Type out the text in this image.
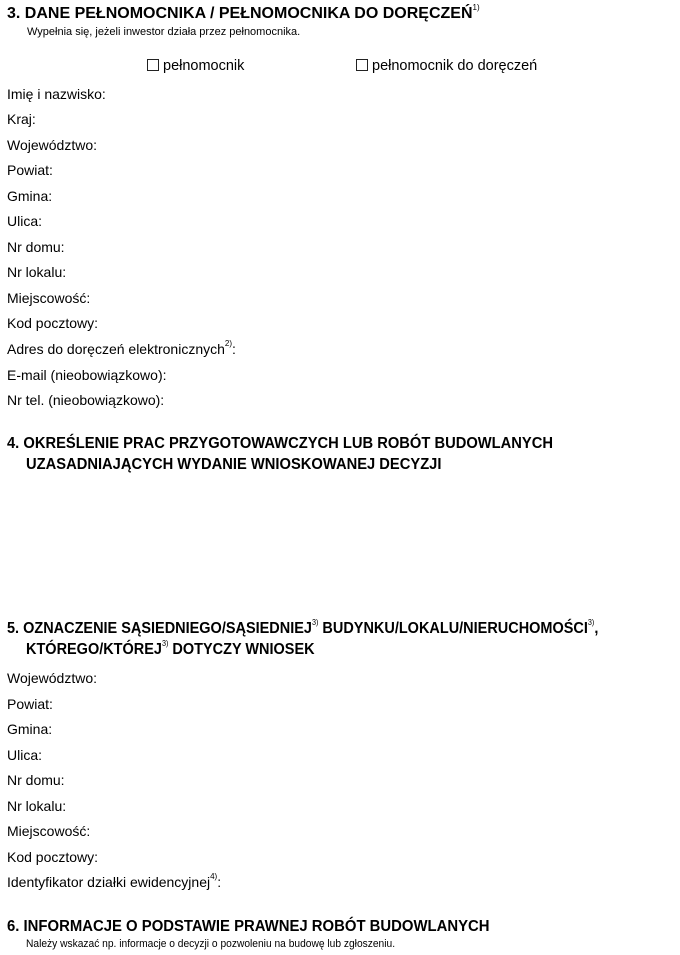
3. DANE PEŁNOMOCNIKA / PEŁNOMOCNIKA DO DORĘCZEŃ$^{1)}$
Wypełnia się, jeżeli inwestor działa przez pełnomocnika.
pełnomocnik	pełnomocnik do doręczeń
Imię i nazwisko:
Kraj:
Województwo:
Powiat:
Gmina:
Ulica:
Nr domu:
Nr lokalu:
Miejscowość:
Kod pocztowy:
Adres do doręczeń elektronicznych$^{2)}$:
E-mail (nieobowiązkowo):
Nr tel. (nieobowiązkowo):
4. OKREŚLENIE PRAC PRZYGOTOWAWCZYCH LUB ROBÓT BUDOWLANYCH
UZASADNIAJĄCYCH WYDANIE WNIOSKOWANEJ DECYZJI
5. OZNACZENIE SĄSIEDNIEGO/SĄSIEDNIEJ$^{3)}$ BUDYNKU/LOKALU/NIERUCHOMOŚCI$^{3)}$,
KTÓREGO/KTÓREJ$^{3)}$ DOTYCZY WNIOSEK
Województwo:
Powiat:
Gmina:
Ulica:
Nr domu:
Nr lokalu:
Miejscowość:
Kod pocztowy:
Identyfikator działki ewidencyjnej$^{4)}$:
6. INFORMACJE O PODSTAWIE PRAWNEJ ROBÓT BUDOWLANYCH
Należy wskazać np. informacje o decyzji o pozwoleniu na budowę lub zgłoszeniu.
